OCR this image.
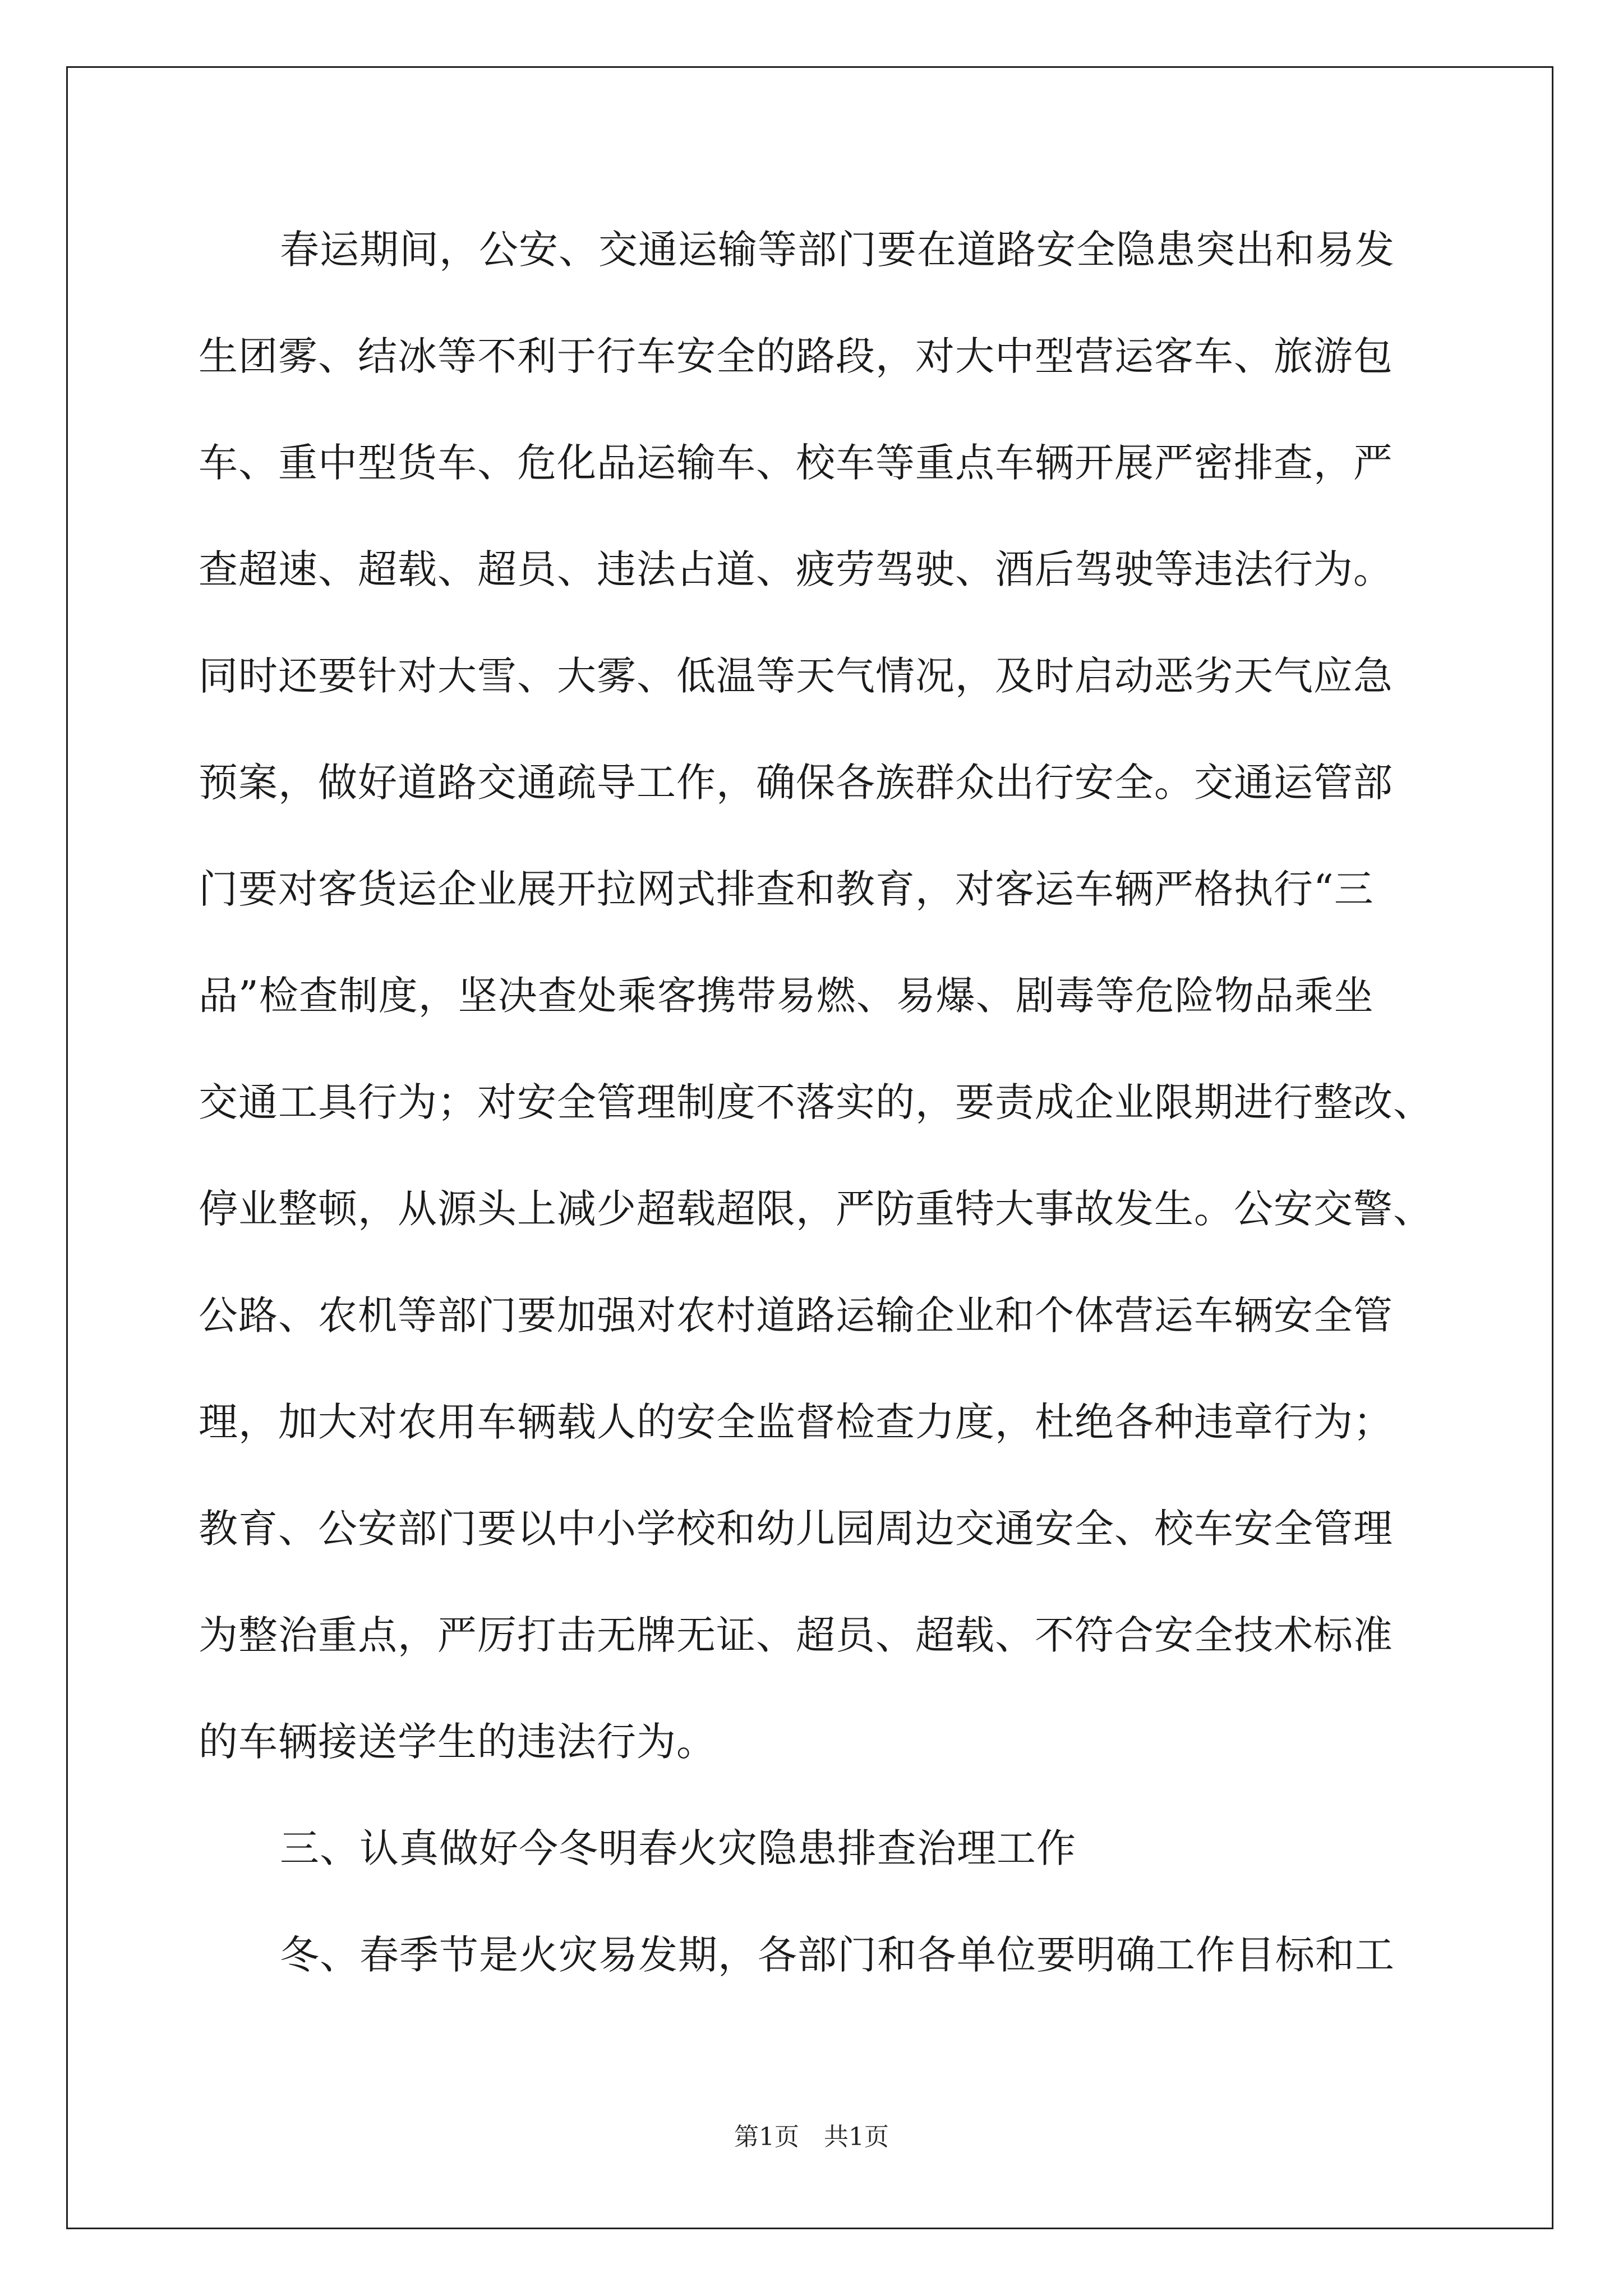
春运期间，公安、交通运输等部门要在道路安全隐患突出和易发
生团雾、结冰等不利于行车安全的路段，对大中型营运客车、旅游包
车、重中型货车、危化品运输车、校车等重点车辆开展严密排查，严
查超速、超载、超员、违法占道、疲劳驾驶、酒后驾驶等违法行为。
同时还要针对大雪、大雾、低温等天气情况，及时启动恶劣天气应急
预案，做好道路交通疏导工作，确保各族群众出行安全。交通运管部
门要对客货运企业展开拉网式排查和教育，对客运车辆严格执行“三
品”检查制度，坚决查处乘客携带易燃、易爆、剧毒等危险物品乘坐
交通工具行为；对安全管理制度不落实的，要责成企业限期进行整改、
停业整顿，从源头上减少超载超限，严防重特大事故发生。公安交警、
公路、农机等部门要加强对农村道路运输企业和个体营运车辆安全管
理，加大对农用车辆载人的安全监督检查力度，杜绝各种违章行为；
教育、公安部门要以中小学校和幼儿园周边交通安全、校车安全管理
为整治重点，严厉打击无牌无证、超员、超载、不符合安全技术标准
的车辆接送学生的违法行为。
三、认真做好今冬明春火灾隐患排查治理工作
冬、春季节是火灾易发期，各部门和各单位要明确工作目标和工
第1页　共1页
